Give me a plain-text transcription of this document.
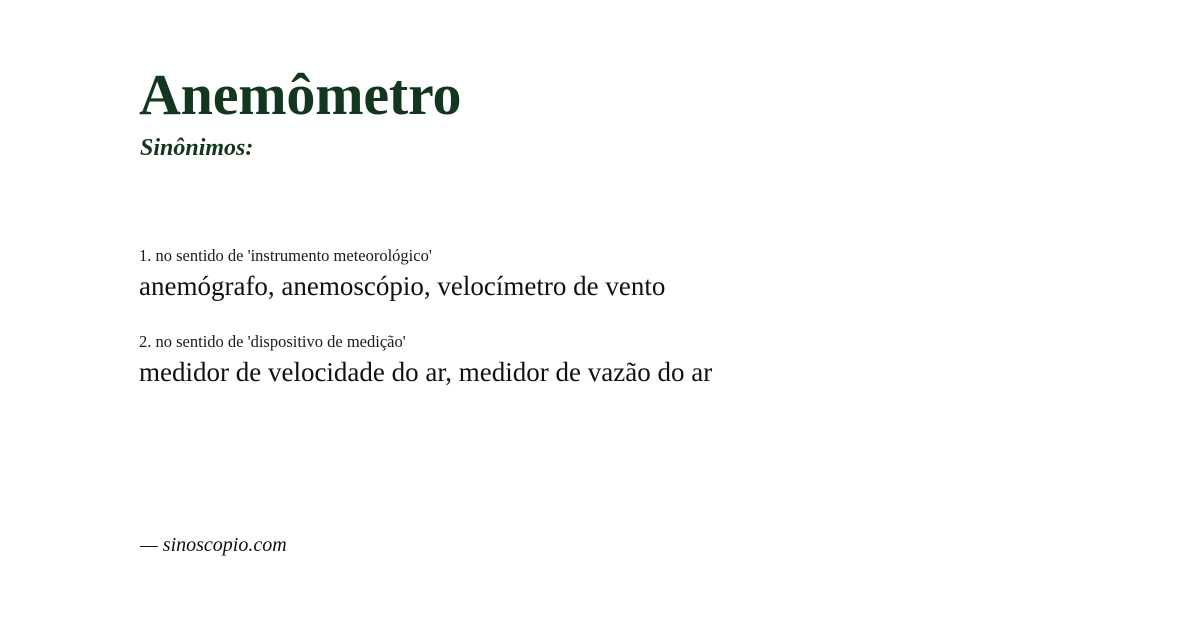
Anemômetro
Sinônimos:

1. no sentido de 'instrumento meteorológico'

anemógrafo, anemoscópio, velocímetro de vento

2. no sentido de 'dispositivo de medição'

medidor de velocidade do ar, medidor de vazão do ar

— sinoscopio.com
